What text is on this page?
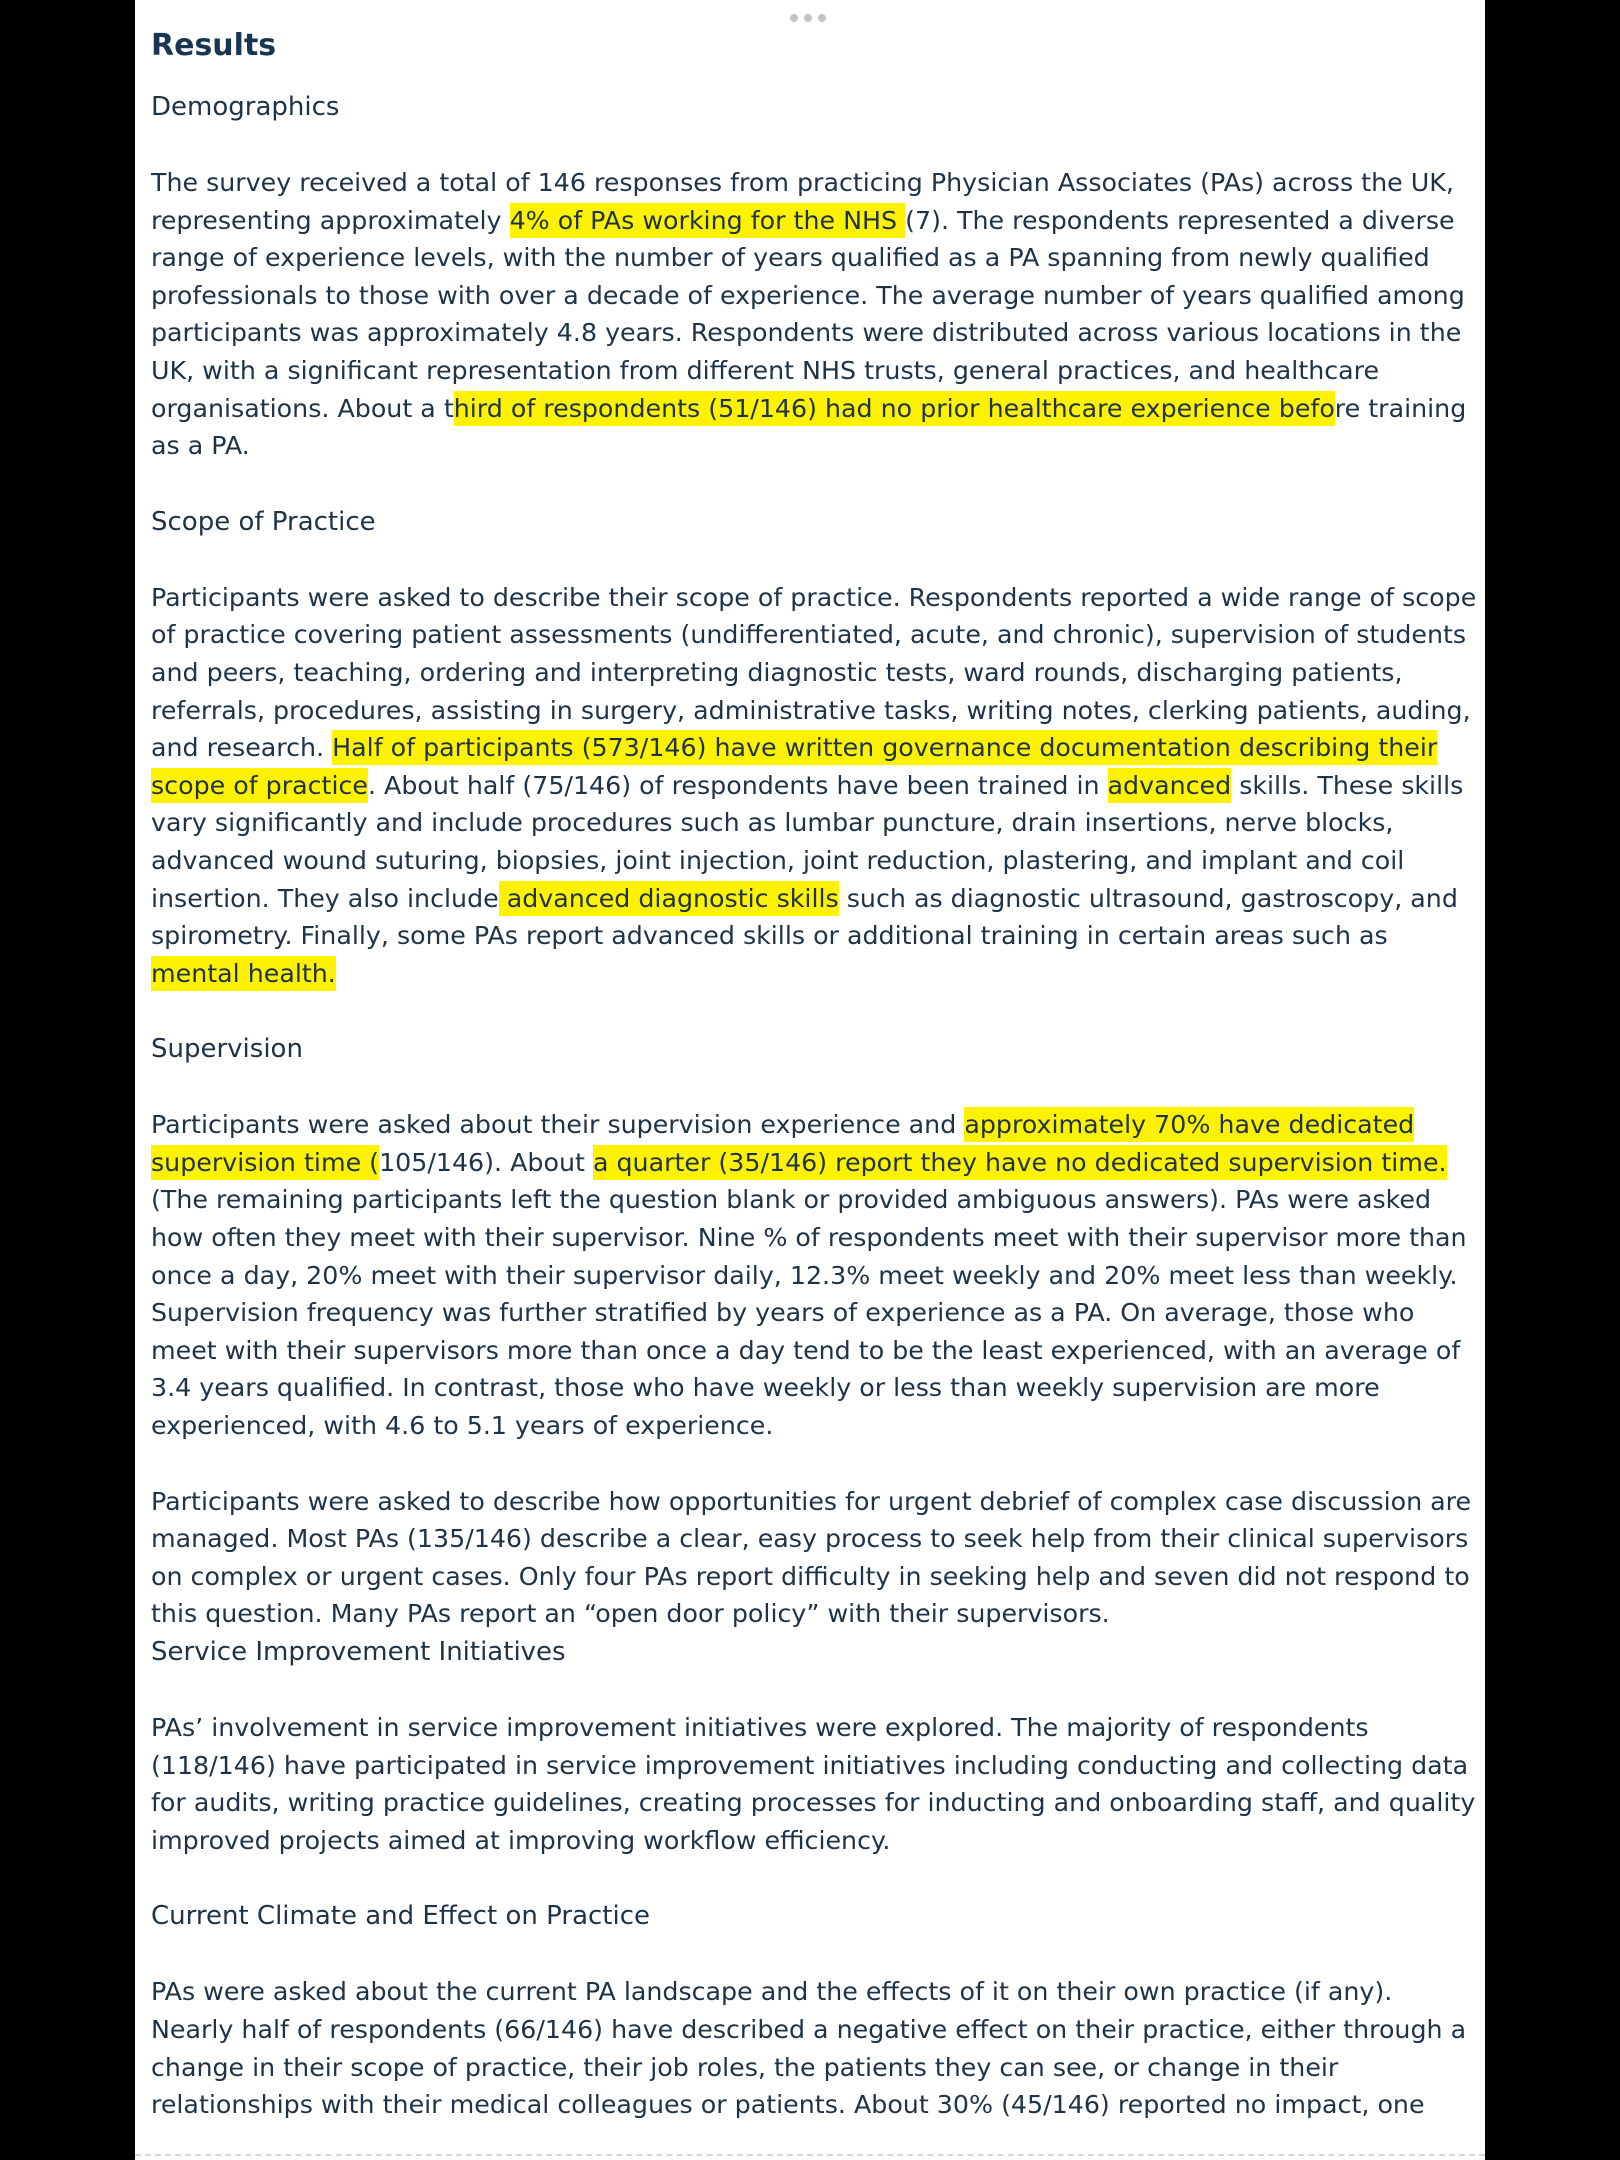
Results
Demographics

The survey received a total of 146 responses from practicing Physician Associates (PAs) across the UK, representing approximately 4% of PAs working for the NHS (7). The respondents represented a diverse range of experience levels, with the number of years qualified as a PA spanning from newly qualified professionals to those with over a decade of experience. The average number of years qualified among participants was approximately 4.8 years. Respondents were distributed across various locations in the UK, with a significant representation from different NHS trusts, general practices, and healthcare organisations. About a third of respondents (51/146) had no prior healthcare experience before training as a PA.

Scope of Practice

Participants were asked to describe their scope of practice. Respondents reported a wide range of scope of practice covering patient assessments (undifferentiated, acute, and chronic), supervision of students and peers, teaching, ordering and interpreting diagnostic tests, ward rounds, discharging patients, referrals, procedures, assisting in surgery, administrative tasks, writing notes, clerking patients, auding, and research. Half of participants (573/146) have written governance documentation describing their scope of practice. About half (75/146) of respondents have been trained in advanced skills. These skills vary significantly and include procedures such as lumbar puncture, drain insertions, nerve blocks, advanced wound suturing, biopsies, joint injection, joint reduction, plastering, and implant and coil insertion. They also include advanced diagnostic skills such as diagnostic ultrasound, gastroscopy, and spirometry. Finally, some PAs report advanced skills or additional training in certain areas such as mental health.

Supervision

Participants were asked about their supervision experience and approximately 70% have dedicated supervision time (105/146). About a quarter (35/146) report they have no dedicated supervision time. (The remaining participants left the question blank or provided ambiguous answers). PAs were asked how often they meet with their supervisor. Nine % of respondents meet with their supervisor more than once a day, 20% meet with their supervisor daily, 12.3% meet weekly and 20% meet less than weekly. Supervision frequency was further stratified by years of experience as a PA. On average, those who meet with their supervisors more than once a day tend to be the least experienced, with an average of 3.4 years qualified. In contrast, those who have weekly or less than weekly supervision are more experienced, with 4.6 to 5.1 years of experience.

Participants were asked to describe how opportunities for urgent debrief of complex case discussion are managed. Most PAs (135/146) describe a clear, easy process to seek help from their clinical supervisors on complex or urgent cases. Only four PAs report difficulty in seeking help and seven did not respond to this question. Many PAs report an “open door policy” with their supervisors.

Service Improvement Initiatives

PAs’ involvement in service improvement initiatives were explored. The majority of respondents (118/146) have participated in service improvement initiatives including conducting and collecting data for audits, writing practice guidelines, creating processes for inducting and onboarding staff, and quality improved projects aimed at improving workflow efficiency.

Current Climate and Effect on Practice

PAs were asked about the current PA landscape and the effects of it on their own practice (if any). Nearly half of respondents (66/146) have described a negative effect on their practice, either through a change in their scope of practice, their job roles, the patients they can see, or change in their relationships with their medical colleagues or patients. About 30% (45/146) reported no impact, one
